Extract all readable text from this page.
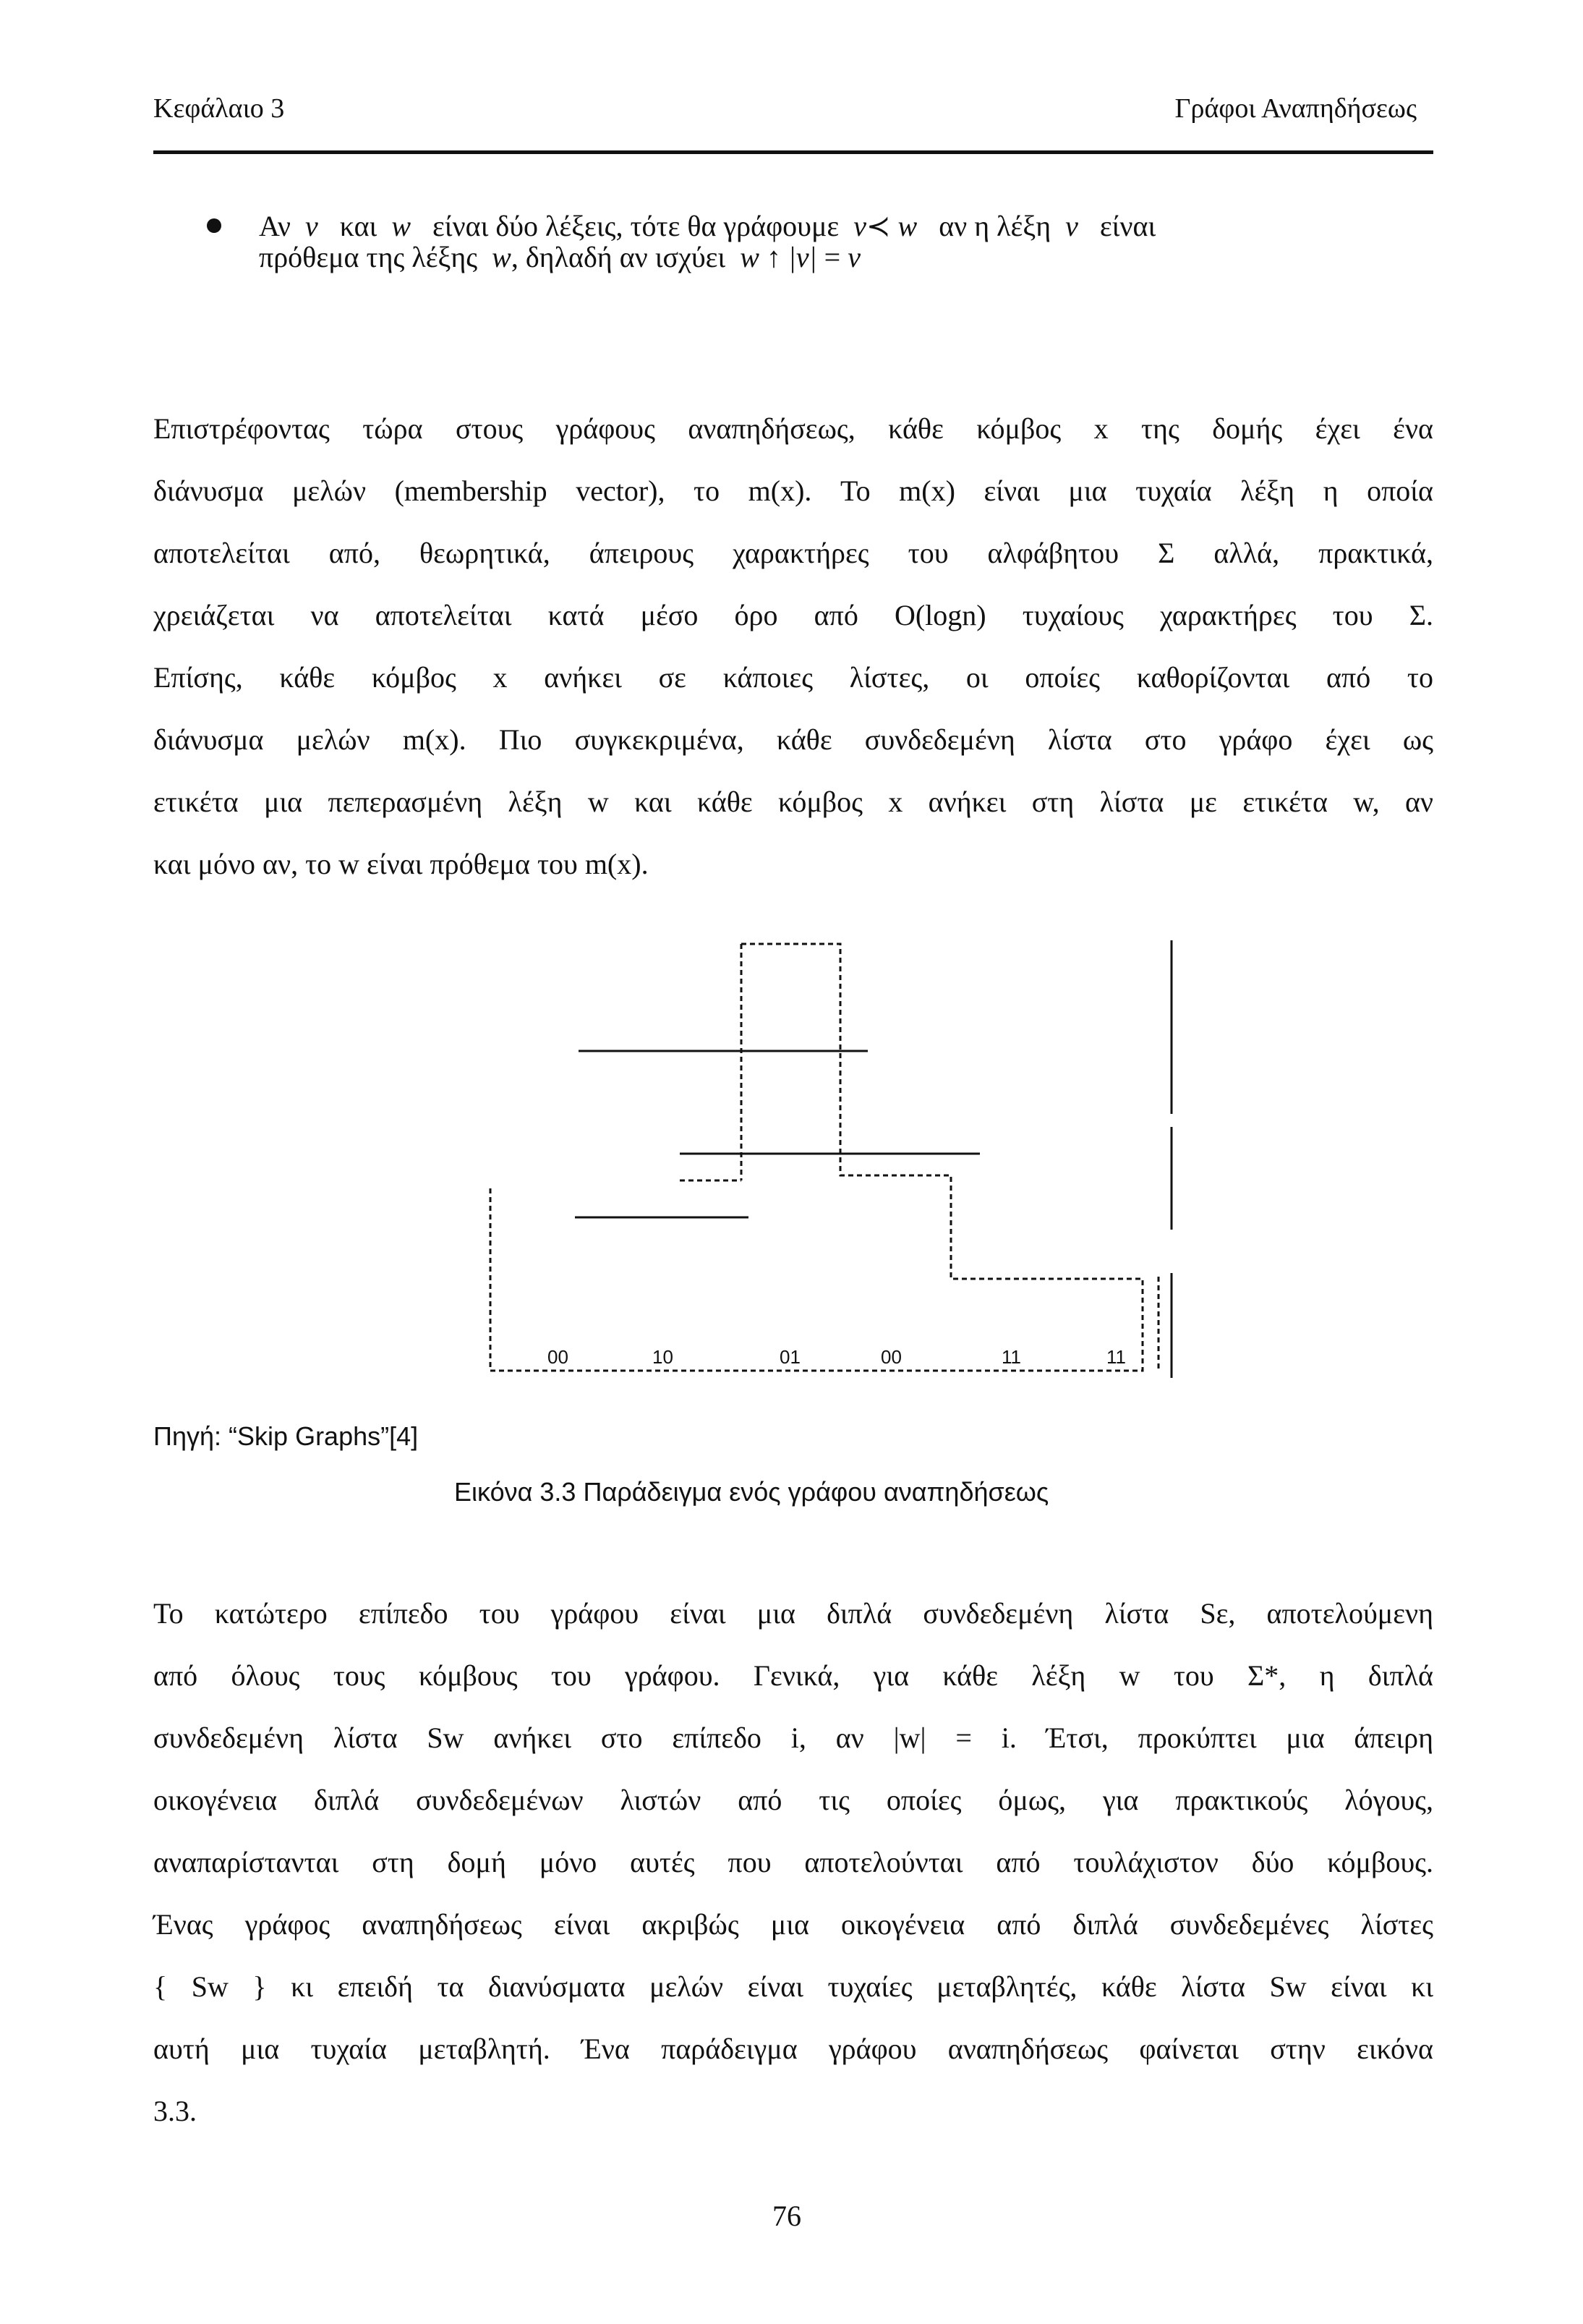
Κεφάλαιο 3	Γράφοι Αναπηδήσεως
Αν v και w είναι δύο λέξεις, τότε θα γράφουμε v≺ w αν η λέξη v είναι
πρόθεμα της λέξης w, δηλαδή αν ισχύει w ↑ |v| = v
Επιστρέφοντας τώρα στους γράφους αναπηδήσεως, κάθε κόμβος x της δομής έχει ένα
διάνυσμα μελών (membership vector), το m(x). Το m(x) είναι μια τυχαία λέξη η οποία
αποτελείται από, θεωρητικά, άπειρους χαρακτήρες του αλφάβητου Σ αλλά, πρακτικά,
χρειάζεται να αποτελείται κατά μέσο όρο από O(logn) τυχαίους χαρακτήρες του Σ.
Επίσης, κάθε κόμβος x ανήκει σε κάποιες λίστες, οι οποίες καθορίζονται από το
διάνυσμα μελών m(x). Πιο συγκεκριμένα, κάθε συνδεδεμένη λίστα στο γράφο έχει ως
ετικέτα μια πεπερασμένη λέξη w και κάθε κόμβος x ανήκει στη λίστα με ετικέτα w, αν
και μόνο αν, το w είναι πρόθεμα του m(x).
00	10	01	00	11	11
Πηγή: “Skip Graphs”[4]
Εικόνα 3.3 Παράδειγμα ενός γράφου αναπηδήσεως
Το κατώτερο επίπεδο του γράφου είναι μια διπλά συνδεδεμένη λίστα Sε, αποτελούμενη
από όλους τους κόμβους του γράφου. Γενικά, για κάθε λέξη w του Σ*, η διπλά
συνδεδεμένη λίστα Sw ανήκει στο επίπεδο i, αν |w| = i. Έτσι, προκύπτει μια άπειρη
οικογένεια διπλά συνδεδεμένων λιστών από τις οποίες όμως, για πρακτικούς λόγους,
αναπαρίστανται στη δομή μόνο αυτές που αποτελούνται από τουλάχιστον δύο κόμβους.
Ένας γράφος αναπηδήσεως είναι ακριβώς μια οικογένεια από διπλά συνδεδεμένες λίστες
{ Sw } κι επειδή τα διανύσματα μελών είναι τυχαίες μεταβλητές, κάθε λίστα Sw είναι κι
αυτή μια τυχαία μεταβλητή. Ένα παράδειγμα γράφου αναπηδήσεως φαίνεται στην εικόνα
3.3.
76
